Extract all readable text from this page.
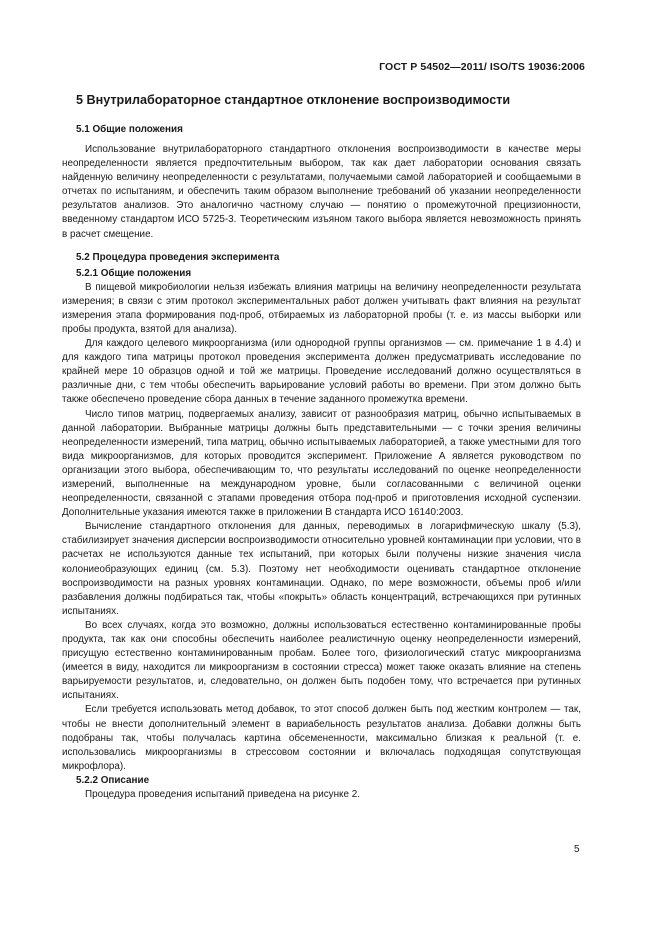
ГОСТ Р 54502—2011/ ISO/TS 19036:2006
5 Внутрилабораторное стандартное отклонение воспроизводимости
5.1 Общие положения

Использование внутрилабораторного стандартного отклонения воспроизводимости в качестве меры неопределенности является предпочтительным выбором, так как дает лаборатории основания связать найденную величину неопределенности с результатами, получаемыми самой лабораторией и сообщаемыми в отчетах по испытаниям, и обеспечить таким образом выполнение требований об указании неопределенности результатов анализов. Это аналогично частному случаю — понятию о промежуточной прецизионности, введенному стандартом ИСО 5725-3. Теоретическим изъяном такого выбора является невозможность принять в расчет смещение.

5.2 Процедура проведения эксперимента
5.2.1 Общие положения

В пищевой микробиологии нельзя избежать влияния матрицы на величину неопределенности результата измерения; в связи с этим протокол экспериментальных работ должен учитывать факт влияния на результат измерения этапа формирования под-проб, отбираемых из лабораторной пробы (т. е. из массы выборки или пробы продукта, взятой для анализа).

Для каждого целевого микроорганизма (или однородной группы организмов — см. примечание 1 в 4.4) и для каждого типа матрицы протокол проведения эксперимента должен предусматривать исследование по крайней мере 10 образцов одной и той же матрицы. Проведение исследований должно осуществляться в различные дни, с тем чтобы обеспечить варьирование условий работы во времени. При этом должно быть также обеспечено проведение сбора данных в течение заданного промежутка времени.

Число типов матриц, подвергаемых анализу, зависит от разнообразия матриц, обычно испытываемых в данной лаборатории. Выбранные матрицы должны быть представительными — с точки зрения величины неопределенности измерений, типа матриц, обычно испытываемых лабораторией, а также уместными для того вида микроорганизмов, для которых проводится эксперимент. Приложение А является руководством по организации этого выбора, обеспечивающим то, что результаты исследований по оценке неопределенности измерений, выполненные на международном уровне, были согласованными с величиной оценки неопределенности, связанной с этапами проведения отбора под-проб и приготовления исходной суспензии. Дополнительные указания имеются также в приложении В стандарта ИСО 16140:2003.

Вычисление стандартного отклонения для данных, переводимых в логарифмическую шкалу (5.3), стабилизирует значения дисперсии воспроизводимости относительно уровней контаминации при условии, что в расчетах не используются данные тех испытаний, при которых были получены низкие значения числа колониеобразующих единиц (см. 5.3). Поэтому нет необходимости оценивать стандартное отклонение воспроизводимости на разных уровнях контаминации. Однако, по мере возможности, объемы проб и/или разбавления должны подбираться так, чтобы «покрыть» область концентраций, встречающихся при рутинных испытаниях.

Во всех случаях, когда это возможно, должны использоваться естественно контаминированные пробы продукта, так как они способны обеспечить наиболее реалистичную оценку неопределенности измерений, присущую естественно контаминированным пробам. Более того, физиологический статус микроорганизма (имеется в виду, находится ли микроорганизм в состоянии стресса) может также оказать влияние на степень варьируемости результатов, и, следовательно, он должен быть подобен тому, что встречается при рутинных испытаниях.

Если требуется использовать метод добавок, то этот способ должен быть под жестким контролем — так, чтобы не внести дополнительный элемент в вариабельность результатов анализа. Добавки должны быть подобраны так, чтобы получалась картина обсемененности, максимально близкая к реальной (т. е. использовались микроорганизмы в стрессовом состоянии и включалась подходящая сопутствующая микрофлора).

5.2.2 Описание

Процедура проведения испытаний приведена на рисунке 2.

5
